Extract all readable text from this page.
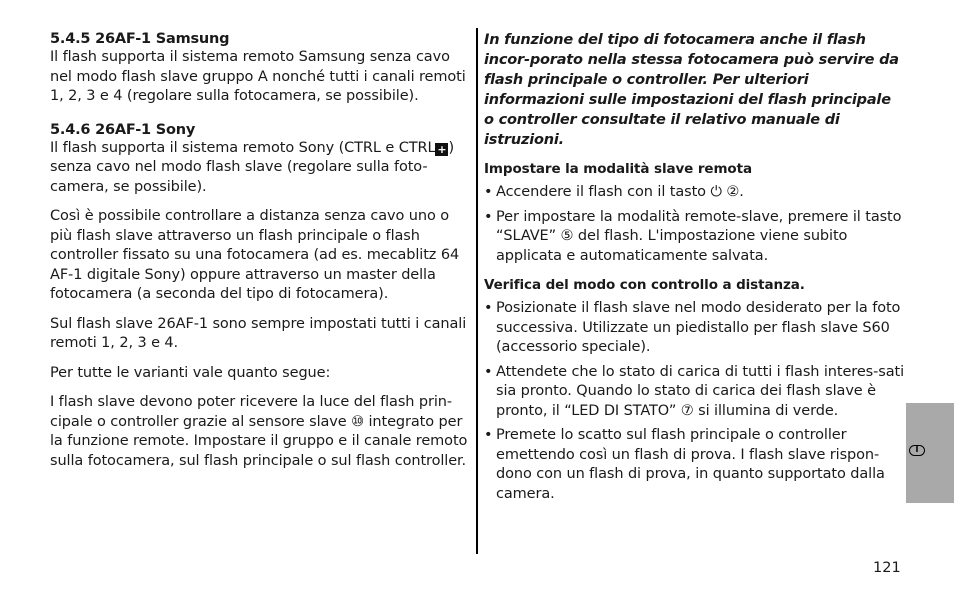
5.4.5 26AF-1 Samsung

Il flash supporta il sistema remoto Samsung senza cavo nel modo flash slave gruppo A nonché tutti i canali remoti 1, 2, 3 e 4 (regolare sulla fotocamera, se possibile).

5.4.6 26AF-1 Sony

Il flash supporta il sistema remoto Sony (CTRL e CTRL + ) senza cavo nel modo flash slave (regolare sulla foto-camera, se possibile).

Così è possibile controllare a distanza senza cavo uno o più flash slave attraverso un flash principale o flash controller fissato su una fotocamera (ad es. mecablitz 64 AF-1 digitale Sony) oppure attraverso un master della fotocamera (a seconda del tipo di fotocamera).

Sul flash slave 26AF-1 sono sempre impostati tutti i canali remoti 1, 2, 3 e 4.

Per tutte le varianti vale quanto segue:

I flash slave devono poter ricevere la luce del flash prin-cipale o controller grazie al sensore slave ⑩ integrato per la funzione remote. Impostare il gruppo e il canale remoto sulla fotocamera, sul flash principale o sul flash controller.

In funzione del tipo di fotocamera anche il flash incor-porato nella stessa fotocamera può servire da flash principale o controller. Per ulteriori informazioni sulle impostazioni del flash principale o controller consultate il relativo manuale di istruzioni.

Impostare la modalità slave remota

• Accendere il flash con il tasto ⏻ ②.
• Per impostare la modalità remote-slave, premere il tasto “SLAVE” ⑤ del flash. L'impostazione viene subito applicata e automaticamente salvata.

Verifica del modo con controllo a distanza.

• Posizionate il flash slave nel modo desiderato per la foto successiva. Utilizzate un piedistallo per flash slave S60 (accessorio speciale).
• Attendete che lo stato di carica di tutti i flash interes-sati sia pronto. Quando lo stato di carica dei flash slave è pronto, il “LED DI STATO” ⑦ si illumina di verde.
• Premete lo scatto sul flash principale o controller emettendo così un flash di prova. I flash slave rispon-dono con un flash di prova, in quanto supportato dalla camera.
I
121
